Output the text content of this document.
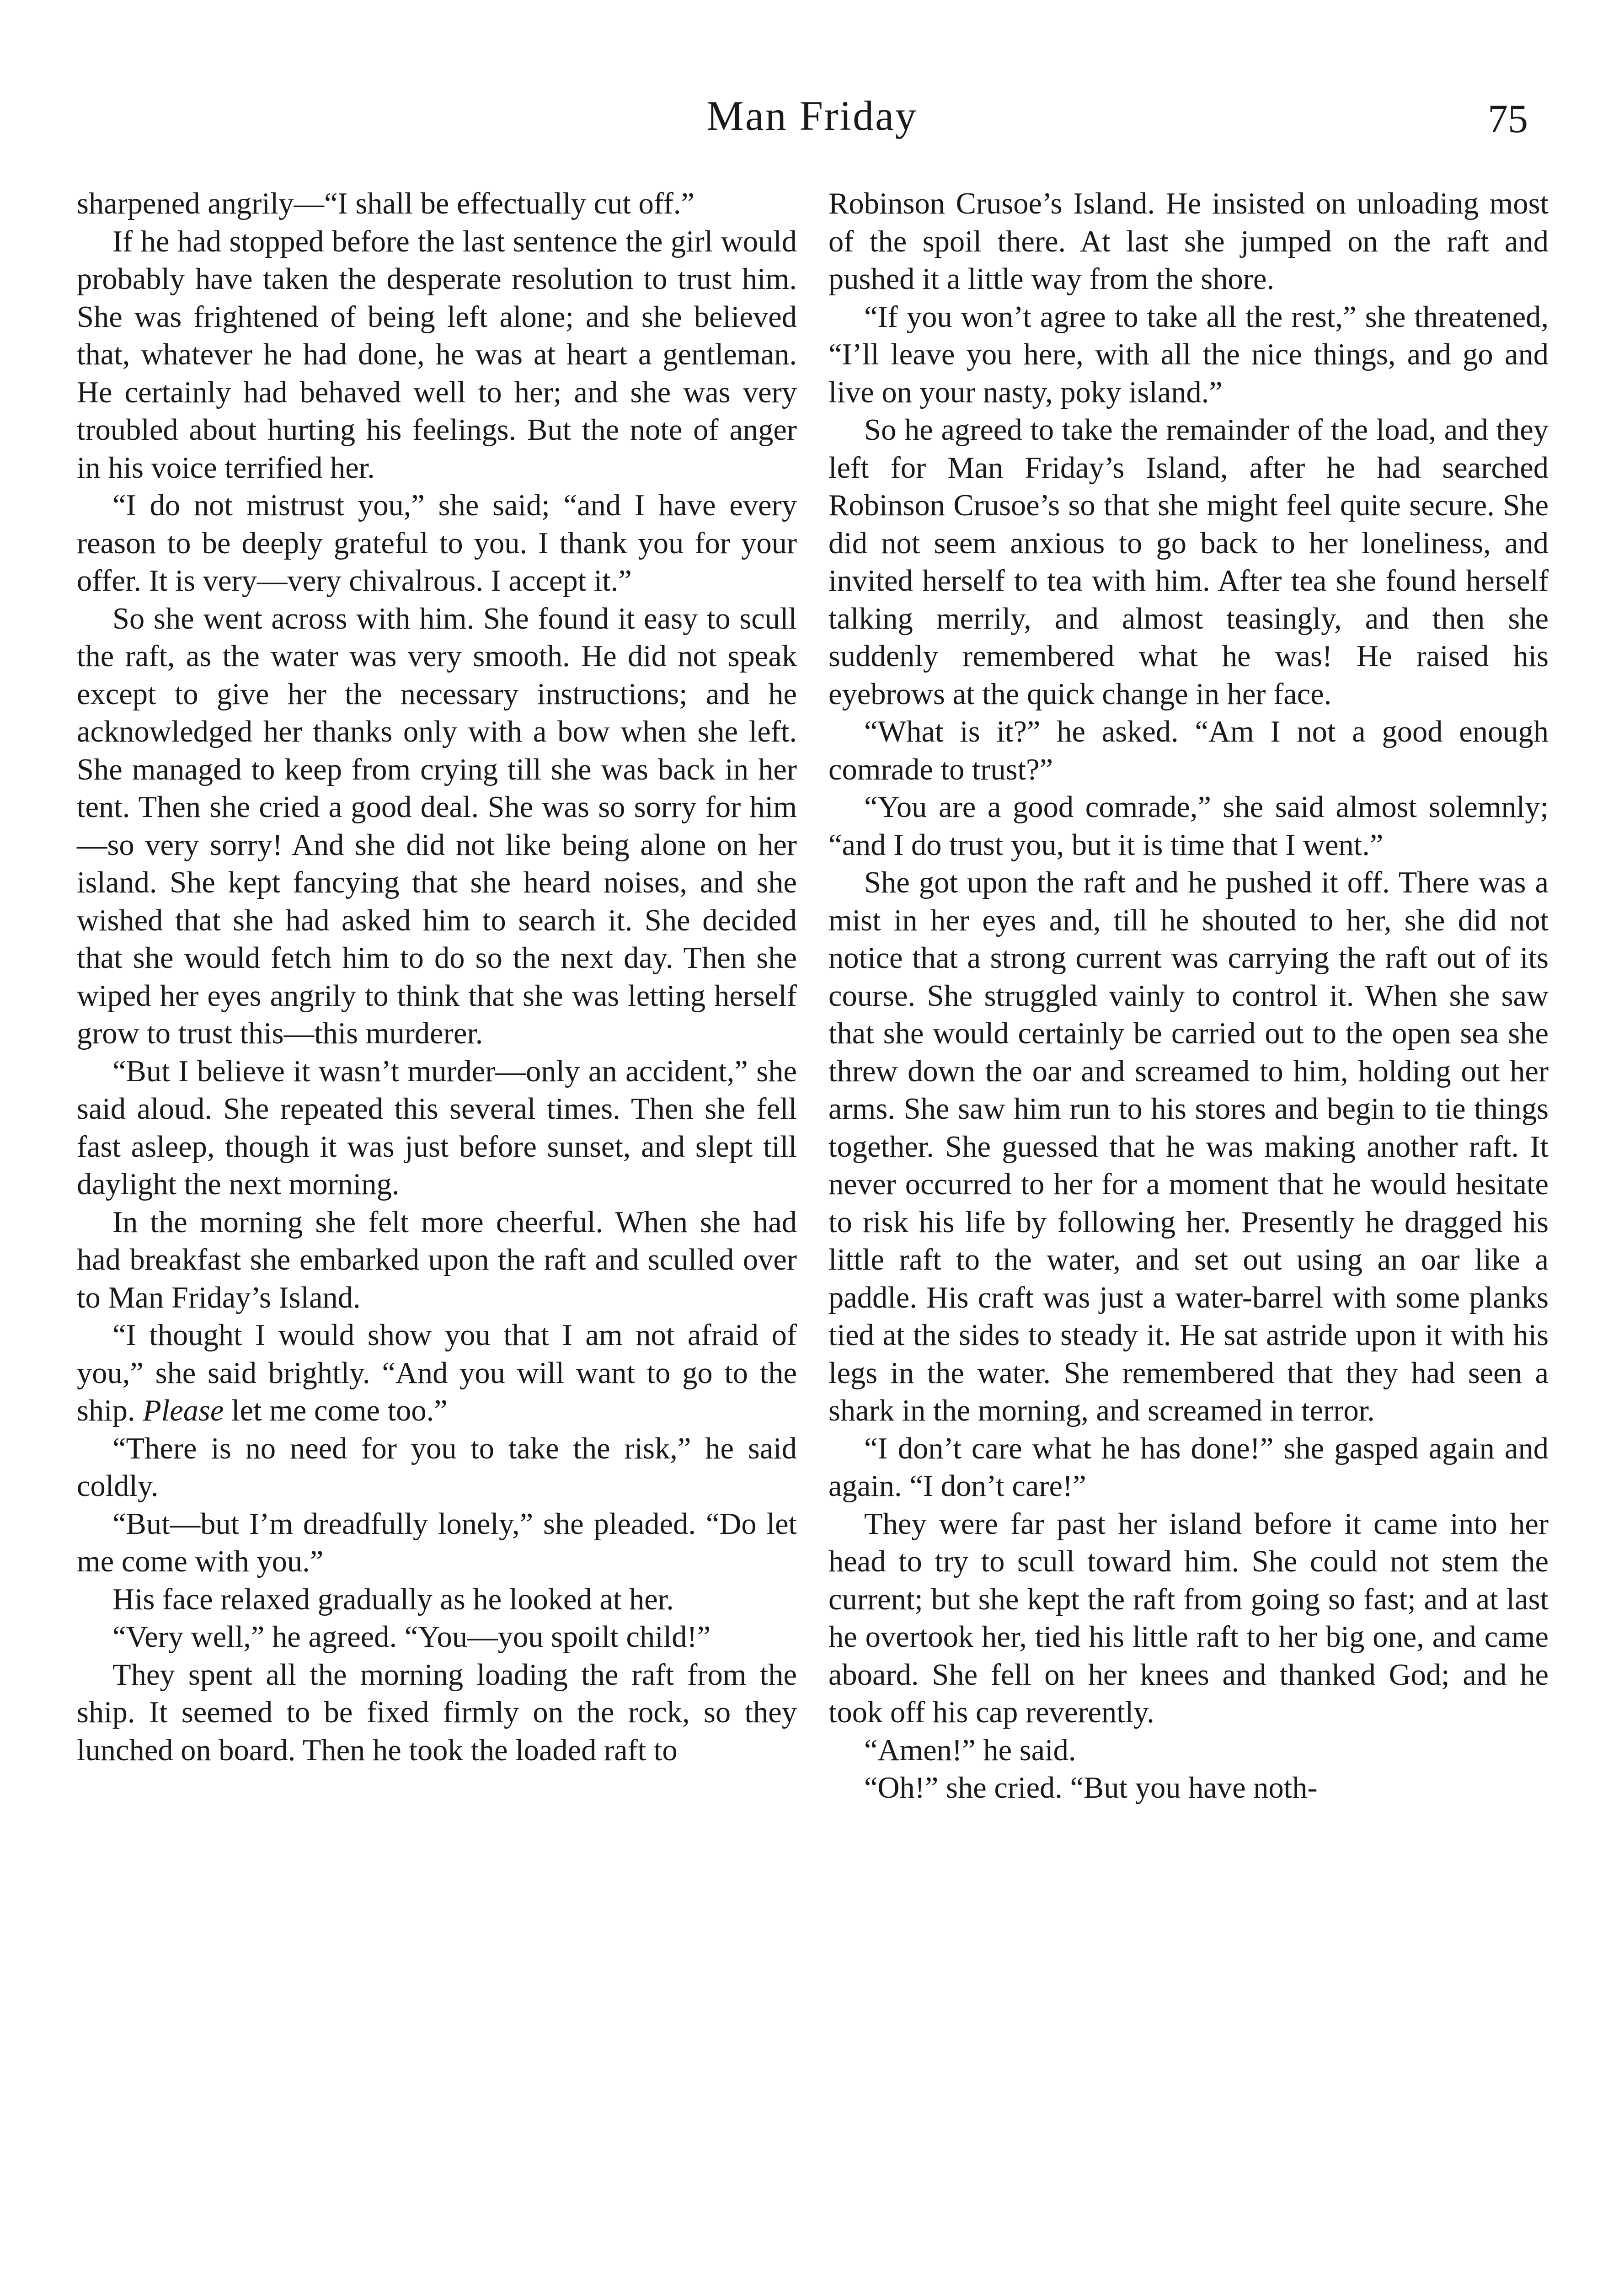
Man Friday	75

sharpened angrily—“I shall be effectually cut off.”

If he had stopped before the last sentence the girl would probably have taken the desperate resolution to trust him. She was frightened of being left alone; and she believed that, whatever he had done, he was at heart a gentleman. He certainly had behaved well to her; and she was very troubled about hurting his feelings. But the note of anger in his voice terrified her.

“I do not mistrust you,” she said; “and I have every reason to be deeply grateful to you. I thank you for your offer. It is very—very chivalrous. I accept it.”

So she went across with him. She found it easy to scull the raft, as the water was very smooth. He did not speak except to give her the necessary instructions; and he acknowledged her thanks only with a bow when she left. She managed to keep from crying till she was back in her tent. Then she cried a good deal. She was so sorry for him—so very sorry! And she did not like being alone on her island. She kept fancying that she heard noises, and she wished that she had asked him to search it. She decided that she would fetch him to do so the next day. Then she wiped her eyes angrily to think that she was letting herself grow to trust this—this murderer.

“But I believe it wasn’t murder—only an accident,” she said aloud. She repeated this several times. Then she fell fast asleep, though it was just before sunset, and slept till daylight the next morning.

In the morning she felt more cheerful. When she had had breakfast she embarked upon the raft and sculled over to Man Friday’s Island.

“I thought I would show you that I am not afraid of you,” she said brightly. “And you will want to go to the ship. Please let me come too.”

“There is no need for you to take the risk,” he said coldly.

“But—but I’m dreadfully lonely,” she pleaded. “Do let me come with you.”

His face relaxed gradually as he looked at her.

“Very well,” he agreed. “You—you spoilt child!”

They spent all the morning loading the raft from the ship. It seemed to be fixed firmly on the rock, so they lunched on board. Then he took the loaded raft to

Robinson Crusoe’s Island. He insisted on unloading most of the spoil there. At last she jumped on the raft and pushed it a little way from the shore.

“If you won’t agree to take all the rest,” she threatened, “I’ll leave you here, with all the nice things, and go and live on your nasty, poky island.”

So he agreed to take the remainder of the load, and they left for Man Friday’s Island, after he had searched Robinson Crusoe’s so that she might feel quite secure. She did not seem anxious to go back to her loneliness, and invited herself to tea with him. After tea she found herself talking merrily, and almost teasingly, and then she suddenly remembered what he was! He raised his eyebrows at the quick change in her face.

“What is it?” he asked. “Am I not a good enough comrade to trust?”

“You are a good comrade,” she said almost solemnly; “and I do trust you, but it is time that I went.”

She got upon the raft and he pushed it off. There was a mist in her eyes and, till he shouted to her, she did not notice that a strong current was carrying the raft out of its course. She struggled vainly to control it. When she saw that she would certainly be carried out to the open sea she threw down the oar and screamed to him, holding out her arms. She saw him run to his stores and begin to tie things together. She guessed that he was making another raft. It never occurred to her for a moment that he would hesitate to risk his life by following her. Presently he dragged his little raft to the water, and set out using an oar like a paddle. His craft was just a water-barrel with some planks tied at the sides to steady it. He sat astride upon it with his legs in the water. She remembered that they had seen a shark in the morning, and screamed in terror.

“I don’t care what he has done!” she gasped again and again. “I don’t care!”

They were far past her island before it came into her head to try to scull toward him. She could not stem the current; but she kept the raft from going so fast; and at last he overtook her, tied his little raft to her big one, and came aboard. She fell on her knees and thanked God; and he took off his cap reverently.

“Amen!” he said.

“Oh!” she cried. “But you have noth-
